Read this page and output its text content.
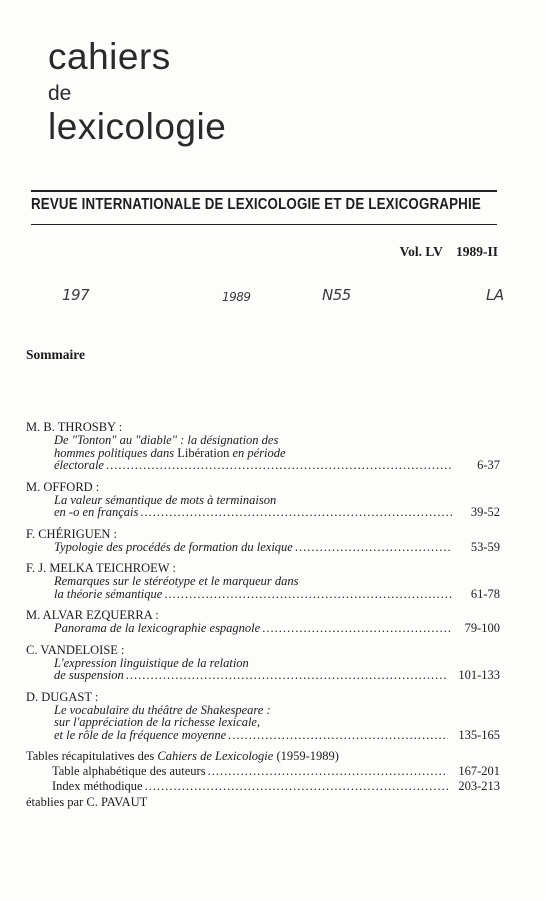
cahiers
de
lexicologie
REVUE INTERNATIONALE DE LEXICOLOGIE ET DE LEXICOGRAPHIE
Vol. LV 1989-II
197	1989	N55	LA
Sommaire
M. B. THROSBY :
De "Tonton" au "diable" : la désignation des
hommes politiques dans Libération en période
électorale .....	6-37
M. OFFORD :
La valeur sémantique de mots à terminaison
en -o en français .....	39-52
F. CHÉRIGUEN :
Typologie des procédés de formation du lexique .....	53-59
F. J. MELKA TEICHROEW :
Remarques sur le stéréotype et le marqueur dans
la théorie sémantique .....	61-78
M. ALVAR EZQUERRA :
Panorama de la lexicographie espagnole .....	79-100
C. VANDELOISE :
L'expression linguistique de la relation
de suspension .....	101-133
D. DUGAST :
Le vocabulaire du théâtre de Shakespeare :
sur l'appréciation de la richesse lexicale,
et le rôle de la fréquence moyenne .....	135-165
Tables récapitulatives des Cahiers de Lexicologie (1959-1989)
Table alphabétique des auteurs .....	167-201
Index méthodique .....	203-213
établies par C. PAVAUT
